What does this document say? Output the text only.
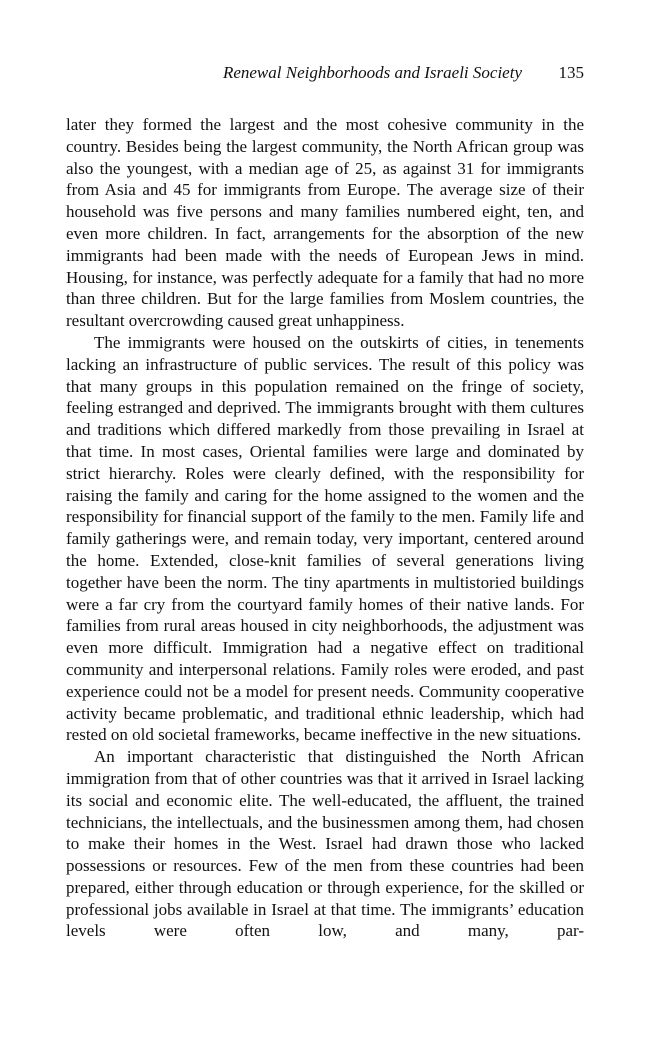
Renewal Neighborhoods and Israeli Society 135

later they formed the largest and the most cohesive community in the country. Besides being the largest community, the North African group was also the youngest, with a median age of 25, as against 31 for immigrants from Asia and 45 for immigrants from Europe. The average size of their household was five persons and many families numbered eight, ten, and even more children. In fact, arrangements for the absorption of the new immigrants had been made with the needs of European Jews in mind. Housing, for instance, was perfectly adequate for a family that had no more than three children. But for the large families from Moslem countries, the resultant overcrowding caused great unhappiness.

The immigrants were housed on the outskirts of cities, in tenements lacking an infrastructure of public services. The result of this policy was that many groups in this population remained on the fringe of society, feeling estranged and deprived. The immigrants brought with them cultures and traditions which differed markedly from those prevailing in Israel at that time. In most cases, Oriental families were large and dominated by strict hierarchy. Roles were clearly defined, with the responsibility for raising the family and caring for the home assigned to the women and the responsibility for financial support of the family to the men. Family life and family gatherings were, and remain today, very important, centered around the home. Extended, close-knit families of several generations living together have been the norm. The tiny apartments in multistoried buildings were a far cry from the courtyard family homes of their native lands. For families from rural areas housed in city neighborhoods, the adjustment was even more difficult. Immigration had a negative effect on traditional community and interpersonal relations. Family roles were eroded, and past experience could not be a model for present needs. Community cooperative activity became problematic, and traditional ethnic leadership, which had rested on old societal frameworks, became ineffective in the new situations.

An important characteristic that distinguished the North African immigration from that of other countries was that it arrived in Israel lacking its social and economic elite. The well-educated, the affluent, the trained technicians, the intellectuals, and the businessmen among them, had chosen to make their homes in the West. Israel had drawn those who lacked possessions or resources. Few of the men from these countries had been prepared, either through education or through experience, for the skilled or professional jobs available in Israel at that time. The immigrants’ education levels were often low, and many, par-
